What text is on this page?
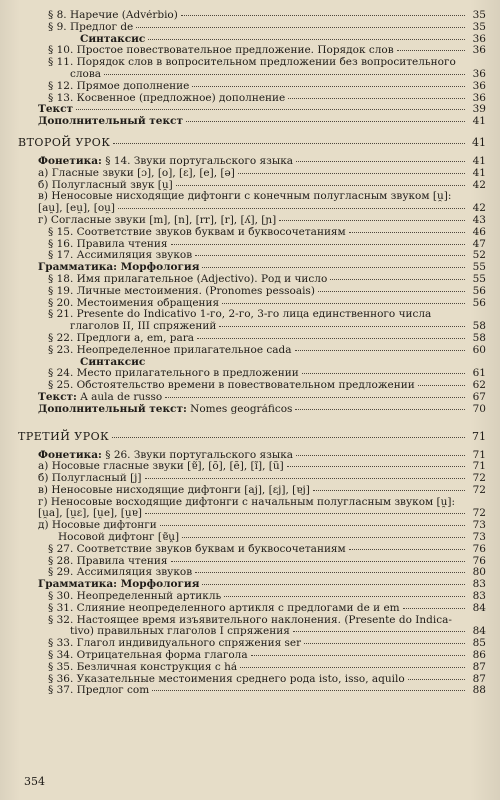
§ 8. Наречие (Advérbio)	35
§ 9. Предлог de	35
Синтаксис	36
§ 10. Простое повествовательное предложение. Порядок слов	36
§ 11. Порядок слов в вопросительном предложении без вопросительного
слова	36
§ 12. Прямое дополнение	36
§ 13. Косвенное (предложное) дополнение	36
Текст	39
Дополнительный текст	41
ВТОРОЙ УРОК	41
Фонетика: § 14. Звуки португальского языка	41
а) Гласные звуки [ɔ], [o], [ɛ], [e], [ə]	41
б) Полугласный звук [u̯]	42
в) Неносовые нисходящие дифтонги с конечным полугласным звуком [u̯]:
[au̯], [eu̯], [ou̯]	42
г) Согласные звуки [m], [n], [rr], [r], [ʎ], [ɲ]	43
§ 15. Соответствие звуков буквам и буквосочетаниям	46
§ 16. Правила чтения	47
§ 17. Ассимиляция звуков	52
Грамматика: Морфология	55
§ 18. Имя прилагательное (Adjectivo). Род и число	55
§ 19. Личные местоимения. (Pronomes pessoais)	56
§ 20. Местоимения обращения	56
§ 21. Presente do Indicativo 1-го, 2-го, 3-го лица единственного числа
глаголов II, III спряжений	58
§ 22. Предлоги a, em, para	58
§ 23. Неопределенное прилагательное cada	60
Синтаксис
§ 24. Место прилагательного в предложении	61
§ 25. Обстоятельство времени в повествовательном предложении	62
Текст: A aula de russo	67
Дополнительный текст: Nomes geográficos	70
ТРЕТИЙ УРОК	71
Фонетика: § 26. Звуки португальского языка	71
а) Носовые гласные звуки [ɐ̃], [õ], [ẽ], [ĩ], [ũ]	71
б) Полугласный [j]	72
в) Неносовые нисходящие дифтонги [aj], [ɛj], [ɐj]	72
г) Неносовые восходящие дифтонги с начальным полугласным звуком [u̯]:
[u̯a], [u̯ɛ], [u̯e], [u̯ɐ]	72
д) Носовые дифтонги	73
Носовой дифтонг [ɐ̃ṷ]	73
§ 27. Соответствие звуков буквам и буквосочетаниям	76
§ 28. Правила чтения	76
§ 29. Ассимиляция звуков	80
Грамматика: Морфология	83
§ 30. Неопределенный артикль	83
§ 31. Слияние неопределенного артикля с предлогами de и em	84
§ 32. Настоящее время изъявительного наклонения. (Presente do Indica-
tivo) правильных глаголов I спряжения	84
§ 33. Глагол индивидуального спряжения ser	85
§ 34. Отрицательная форма глагола	86
§ 35. Безличная конструкция с há	87
§ 36. Указательные местоимения среднего рода isto, isso, aquilo	87
§ 37. Предлог com	88
354
